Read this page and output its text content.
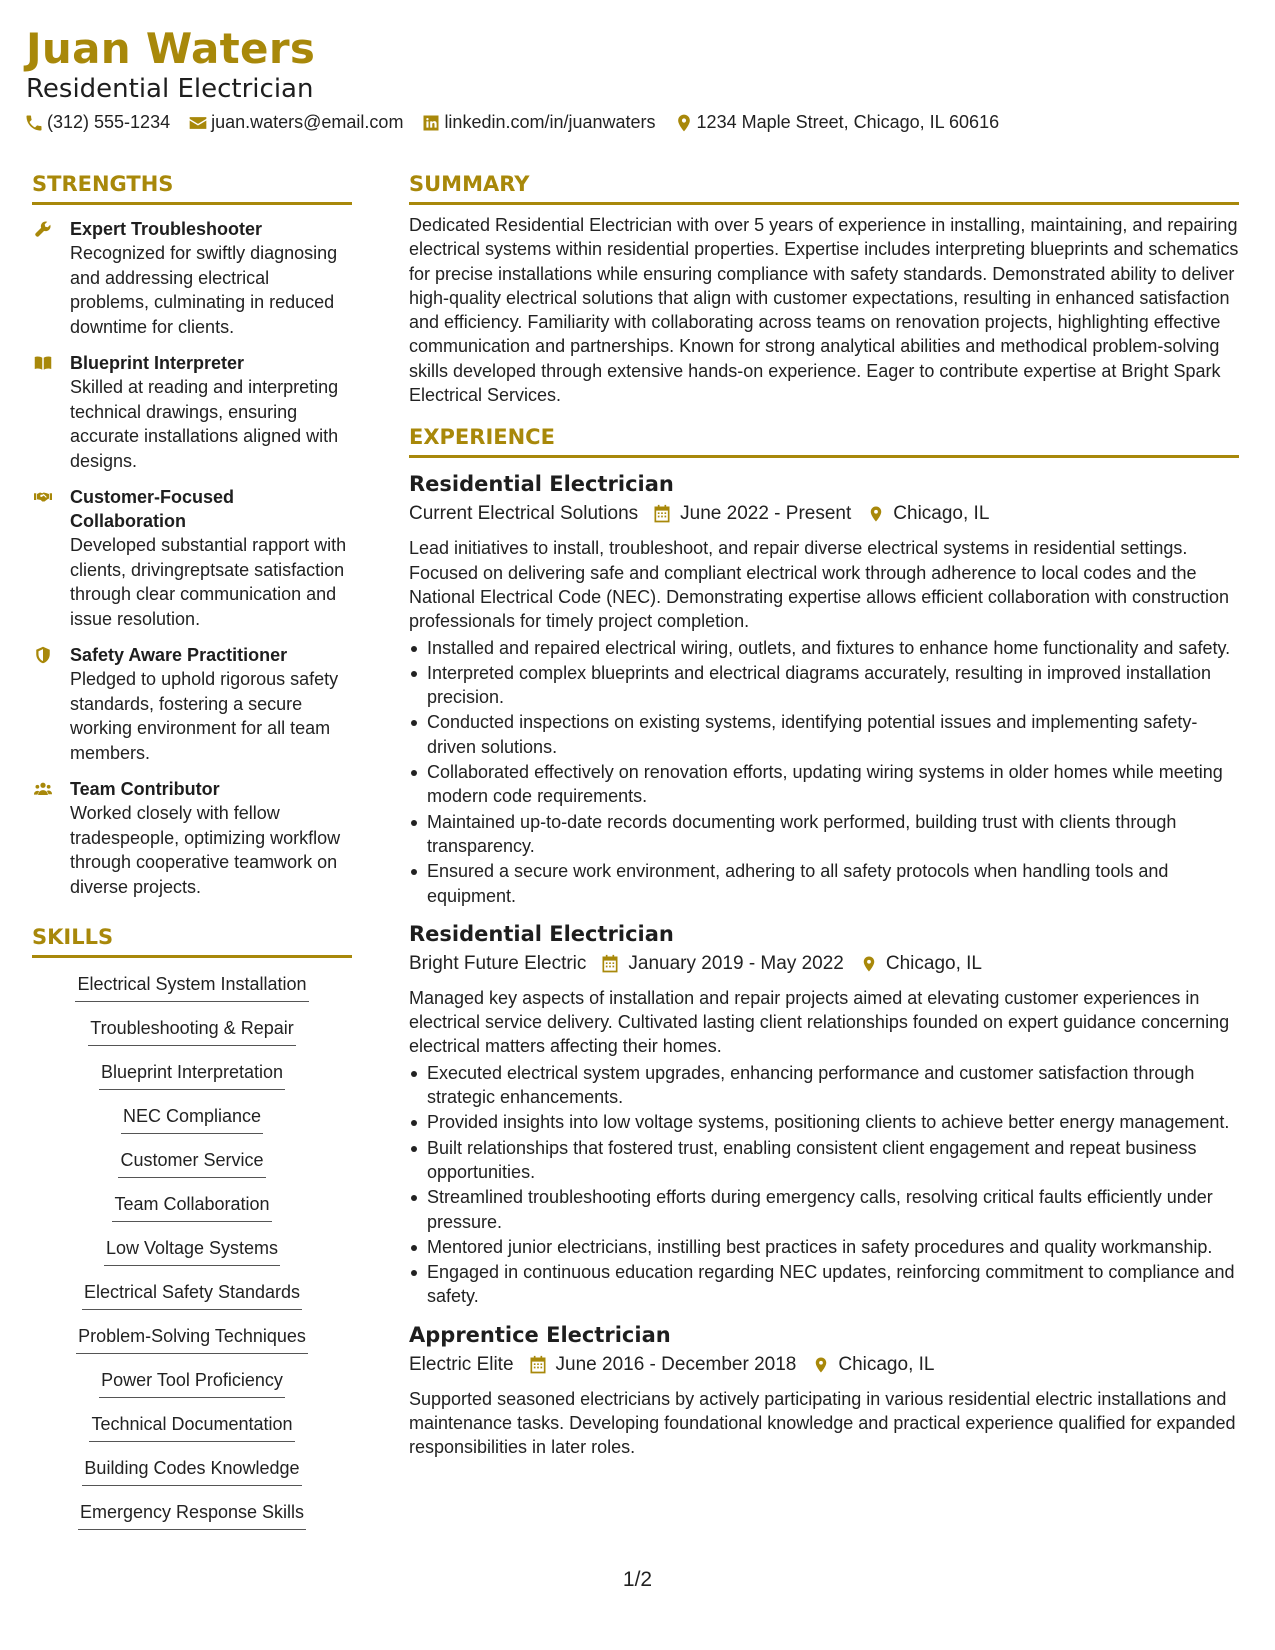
Juan Waters
Residential Electrician
(312) 555-1234 juan.waters@email.com linkedin.com/in/juanwaters 1234 Maple Street, Chicago, IL 60616
STRENGTHS
Expert Troubleshooter
Recognized for swiftly diagnosing and addressing electrical problems, culminating in reduced downtime for clients.
Blueprint Interpreter
Skilled at reading and interpreting technical drawings, ensuring accurate installations aligned with designs.
Customer-Focused Collaboration
Developed substantial rapport with clients, drivingreptsate satisfaction through clear communication and issue resolution.
Safety Aware Practitioner
Pledged to uphold rigorous safety standards, fostering a secure working environment for all team members.
Team Contributor
Worked closely with fellow tradespeople, optimizing workflow through cooperative teamwork on diverse projects.
SKILLS
Electrical System Installation
Troubleshooting & Repair
Blueprint Interpretation
NEC Compliance
Customer Service
Team Collaboration
Low Voltage Systems
Electrical Safety Standards
Problem-Solving Techniques
Power Tool Proficiency
Technical Documentation
Building Codes Knowledge
Emergency Response Skills
SUMMARY
Dedicated Residential Electrician with over 5 years of experience in installing, maintaining, and repairing electrical systems within residential properties. Expertise includes interpreting blueprints and schematics for precise installations while ensuring compliance with safety standards. Demonstrated ability to deliver high-quality electrical solutions that align with customer expectations, resulting in enhanced satisfaction and efficiency. Familiarity with collaborating across teams on renovation projects, highlighting effective communication and partnerships. Known for strong analytical abilities and methodical problem-solving skills developed through extensive hands-on experience. Eager to contribute expertise at Bright Spark Electrical Services.
EXPERIENCE
Residential Electrician
Current Electrical Solutions June 2022 - Present Chicago, IL
Lead initiatives to install, troubleshoot, and repair diverse electrical systems in residential settings. Focused on delivering safe and compliant electrical work through adherence to local codes and the National Electrical Code (NEC). Demonstrating expertise allows efficient collaboration with construction professionals for timely project completion.
Installed and repaired electrical wiring, outlets, and fixtures to enhance home functionality and safety.
Interpreted complex blueprints and electrical diagrams accurately, resulting in improved installation precision.
Conducted inspections on existing systems, identifying potential issues and implementing safety-driven solutions.
Collaborated effectively on renovation efforts, updating wiring systems in older homes while meeting modern code requirements.
Maintained up-to-date records documenting work performed, building trust with clients through transparency.
Ensured a secure work environment, adhering to all safety protocols when handling tools and equipment.
Residential Electrician
Bright Future Electric January 2019 - May 2022 Chicago, IL
Managed key aspects of installation and repair projects aimed at elevating customer experiences in electrical service delivery. Cultivated lasting client relationships founded on expert guidance concerning electrical matters affecting their homes.
Executed electrical system upgrades, enhancing performance and customer satisfaction through strategic enhancements.
Provided insights into low voltage systems, positioning clients to achieve better energy management.
Built relationships that fostered trust, enabling consistent client engagement and repeat business opportunities.
Streamlined troubleshooting efforts during emergency calls, resolving critical faults efficiently under pressure.
Mentored junior electricians, instilling best practices in safety procedures and quality workmanship.
Engaged in continuous education regarding NEC updates, reinforcing commitment to compliance and safety.
Apprentice Electrician
Electric Elite June 2016 - December 2018 Chicago, IL
Supported seasoned electricians by actively participating in various residential electric installations and maintenance tasks. Developing foundational knowledge and practical experience qualified for expanded responsibilities in later roles.
1/2
